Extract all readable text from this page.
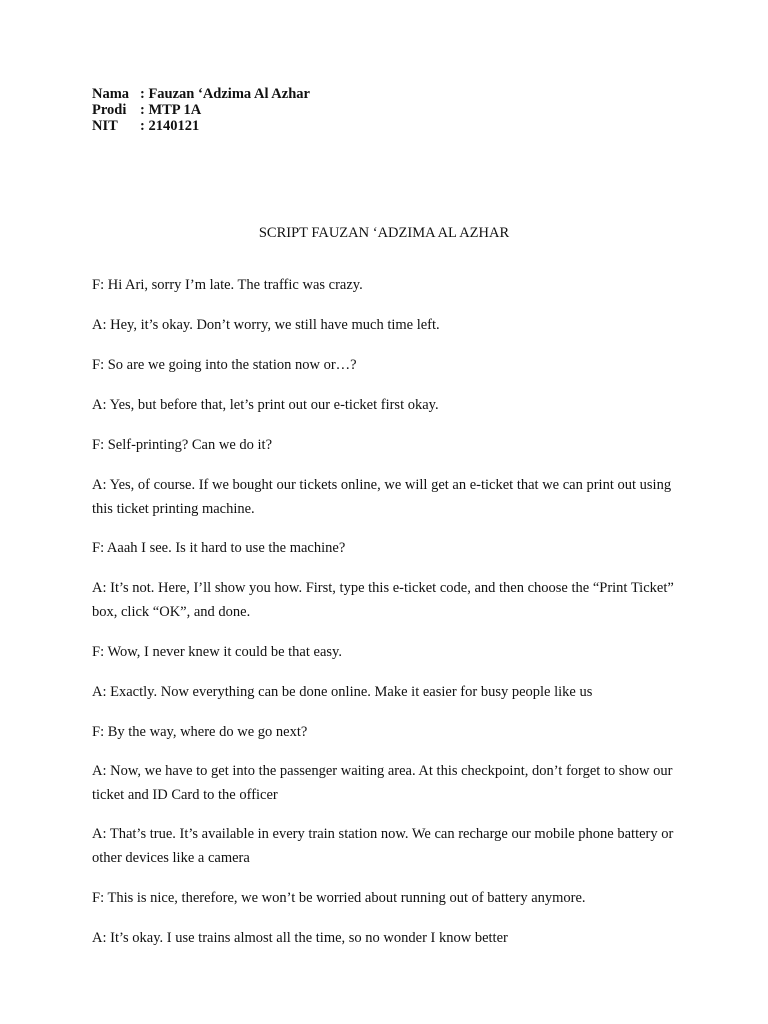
Nama : Fauzan ‘Adzima Al Azhar
Prodi : MTP 1A
NIT	: 2140121
SCRIPT FAUZAN ‘ADZIMA AL AZHAR

F: Hi Ari, sorry I’m late. The traffic was crazy.

A: Hey, it’s okay. Don’t worry, we still have much time left.

F: So are we going into the station now or…?

A: Yes, but before that, let’s print out our e-ticket first okay.

F: Self-printing? Can we do it?

A: Yes, of course. If we bought our tickets online, we will get an e-ticket that we can print out using this ticket printing machine.

F: Aaah I see. Is it hard to use the machine?

A: It’s not. Here, I’ll show you how. First, type this e-ticket code, and then choose the “Print Ticket” box, click “OK”, and done.

F: Wow, I never knew it could be that easy.

A: Exactly. Now everything can be done online. Make it easier for busy people like us

F: By the way, where do we go next?

A: Now, we have to get into the passenger waiting area. At this checkpoint, don’t forget to show our ticket and ID Card to the officer

A: That’s true. It’s available in every train station now. We can recharge our mobile phone battery or other devices like a camera

F: This is nice, therefore, we won’t be worried about running out of battery anymore.

A: It’s okay. I use trains almost all the time, so no wonder I know better
